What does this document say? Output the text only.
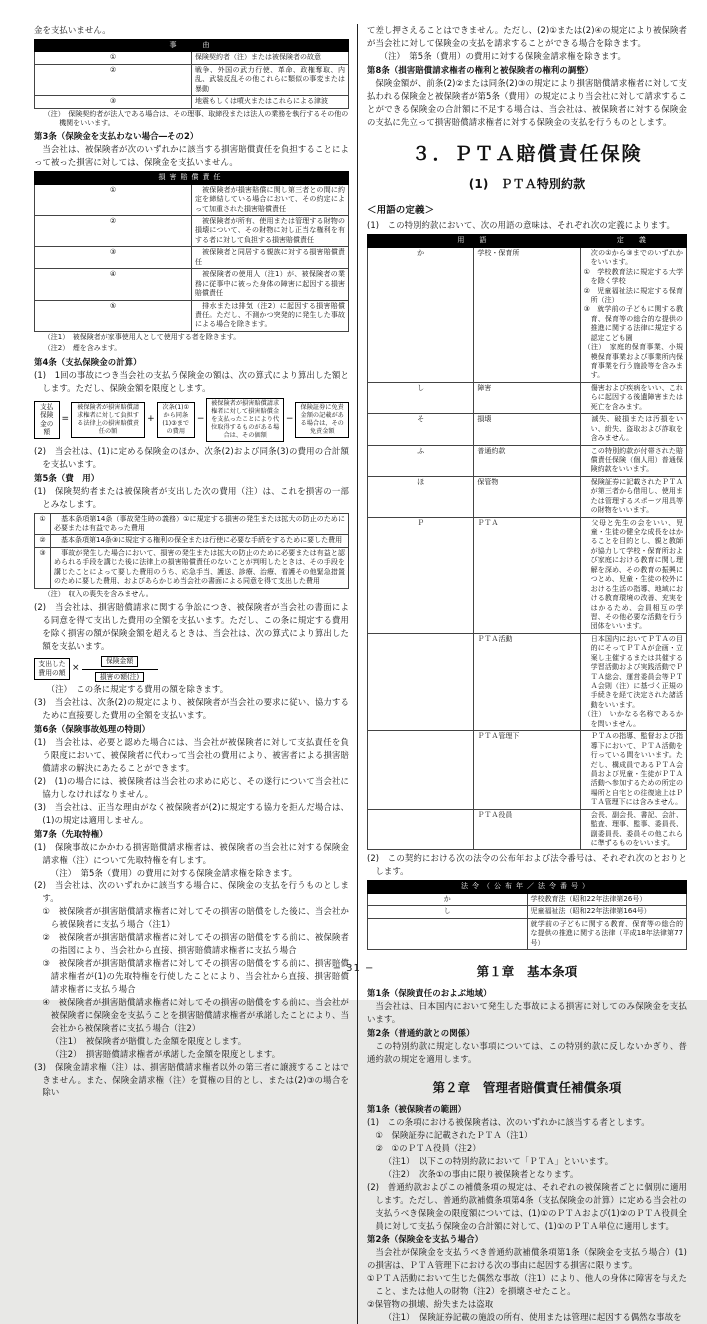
金を支払いません。
事　　由	
①	保険契約者（注）または被保険者の故意
②	戦争、外国の武力行使、革命、政権奪取、内乱、武装反乱その他これらに類似の事変または暴動
③	地震もしくは噴火またはこれらによる津波
（注）　保険契約者が法人である場合は、その理事、取締役または法人の業務を執行するその他の機関をいいます。
第3条（保険金を支払わない場合―その2）
当会社は、被保険者が次のいずれかに該当する損害賠償責任を負担することによって被った損害に対しては、保険金を支払いません。
損害賠償責任	
①	　被保険者が損害賠償に関し第三者との間に約定を締結している場合において、その約定によって加重された損害賠償責任
②	　被保険者が所有、使用または管理する財物の損壊について、その財物に対し正当な権利を有する者に対して負担する損害賠償責任
③	　被保険者と同居する親族に対する損害賠償責任
④	　被保険者の使用人（注1）が、被保険者の業務に従事中に被った身体の障害に起因する損害賠償責任
⑤	　排水または排気（注2）に起因する損害賠償責任。ただし、不測かつ突発的に発生した事故による場合を除きます。
（注1）　被保険者が家事使用人として使用する者を除きます。
（注2）　煙を含みます。
第4条（支払保険金の計算）
(1)　1回の事故につき当会社の支払う保険金の額は、次の算式により算出した額とします。ただし、保険金額を限度とします。
支払保険金の額
=
被保険者が損害賠償請求権者に対して負担する法律上の損害賠償責任の額
+
次条(1)①から同条(1)③までの費用
−
被保険者が損害賠償請求権者に対して損害賠償金を支払ったことにより代位取得するものがある場合は、その価額
−
保険証券に免責金額の記載がある場合は、その免責金額
(2)　当会社は、(1)に定める保険金のほか、次条(2)および同条(3)の費用の合計額を支払います。
第5条（費　用）
(1)　保険契約者または被保険者が支出した次の費用（注）は、これを損害の一部とみなします。
①	　基本条項第14条（事故発生時の義務）①に規定する損害の発生または拡大の防止のために必要または有益であった費用
②	　基本条項第14条③に規定する権利の保全または行使に必要な手続をするために要した費用
③	　事故が発生した場合において、損害の発生または拡大の防止のために必要または有益と認められる手段を講じた後に法律上の損害賠償責任のないことが判明したときは、その手段を講じたことによって要した費用のうち、応急手当、護送、診療、治療、看護その他緊急措置のために要した費用、およびあらかじめ当会社の書面による同意を得て支出した費用
（注）　収入の喪失を含みません。
(2)　当会社は、損害賠償請求に関する争訟につき、被保険者が当会社の書面による同意を得て支出した費用の全額を支払います。ただし、この条に規定する費用を除く損害の額が保険金額を超えるときは、当会社は、次の算式により算出した額を支払います。
支出した費用の額 × $\frac{\text{保険金額}}{\text{損害の額(注)}}$
（注）　この条に規定する費用の額を除きます。
(3)　当会社は、次条(2)の規定により、被保険者が当会社の要求に従い、協力するために直接要した費用の全額を支払います。
第6条（保険事故処理の特則）
(1)　当会社は、必要と認めた場合には、当会社が被保険者に対して支払責任を負う限度において、被保険者に代わって当会社の費用により、被害者による損害賠償請求の解決にあたることができます。
(2)　(1)の場合には、被保険者は当会社の求めに応じ、その遂行について当会社に協力しなければなりません。
(3)　当会社は、正当な理由がなく被保険者が(2)に規定する協力を拒んだ場合は、(1)の規定は適用しません。
第7条（先取特権）
(1)　保険事故にかかわる損害賠償請求権者は、被保険者の当会社に対する保険金請求権（注）について先取特権を有します。
（注）　第5条（費用）の費用に対する保険金請求権を除きます。
(2)　当会社は、次のいずれかに該当する場合に、保険金の支払を行うものとします。
①　被保険者が損害賠償請求権者に対してその損害の賠償をした後に、当会社から被保険者に支払う場合（注1）
②　被保険者が損害賠償請求権者に対してその損害の賠償をする前に、被保険者の指図により、当会社から直接、損害賠償請求権者に支払う場合
③　被保険者が損害賠償請求権者に対してその損害の賠償をする前に、損害賠償請求権者が(1)の先取特権を行使したことにより、当会社から直接、損害賠償請求権者に支払う場合
④　被保険者が損害賠償請求権者に対してその損害の賠償をする前に、当会社が被保険者に保険金を支払うことを損害賠償請求権者が承諾したことにより、当会社から被保険者に支払う場合（注2）
（注1）　被保険者が賠償した金額を限度とします。
（注2）　損害賠償請求権者が承諾した金額を限度とします。
(3)　保険金請求権（注）は、損害賠償請求権者以外の第三者に譲渡することはできません。また、保険金請求権（注）を質権の目的とし、または(2)③の場合を除い
て差し押さえることはできません。ただし、(2)①または(2)④の規定により被保険者が当会社に対して保険金の支払を請求することができる場合を除きます。
（注）　第5条（費用）の費用に対する保険金請求権を除きます。
第8条（損害賠償請求権者の権利と被保険者の権利の調整）
保険金額が、前条(2)②または同条(2)③の規定により損害賠償請求権者に対して支払われる保険金と被保険者が第5条（費用）の規定により当会社に対して請求することができる保険金の合計額に不足する場合は、当会社は、被保険者に対する保険金の支払に先立って損害賠償請求権者に対する保険金の支払を行うものとします。
３．ＰＴＡ賠償責任保険
(1)　ＰＴＡ特別約款
＜用語の定義＞
(1)　この特別約款において、次の用語の意味は、それぞれ次の定義によります。
用　語		定　義
か	学校・保育所	　次の①から③までのいずれかをいいます。
①　学校教育法に規定する大学を除く学校
②　児童福祉法に規定する保育所（注）
③　就学前の子どもに関する教育、保育等の総合的な提供の推進に関する法律に規定する認定こども園
（注）　家庭的保育事業、小規模保育事業および事業所内保育事業を行う施設等を含みます。

し	障害	　傷害および疾病をいい、これらに起因する後遺障害または死亡を含みます。

そ	損壊	　滅失、破損または汚損をいい、紛失、盗取および詐取を含みません。

ふ	普通約款	　この特別約款が付帯された賠償責任保険（個人用）普通保険約款をいいます。

ほ	保管物	　保険証券に記載されたＰＴＡが第三者から借用し、使用または管理するスポーツ用具等の財物をいいます。

Ｐ	ＰＴＡ	　父母と先生の会をいい、児童・生徒の健全な成長をはかることを目的とし、親と教師が協力して学校・保育所および家庭における教育に関し理解を深め、その教育の振興につとめ、児童・生徒の校外における生活の指導、地域における教育環境の改善、充実をはかるため、会員相互の学習、その他必要な活動を行う団体をいいます。

	ＰＴＡ活動	　日本国内においてＰＴＡの目的にそってＰＴＡが企画・立案し主催するまたは共催する学習活動および実践活動でＰＴＡ総会、運営委員会等ＰＴＡ会則（注）に基づく正規の手続きを経て決定された諸活動をいいます。
（注）　いかなる名称であるかを問いません。

	ＰＴＡ管理下	　ＰＴＡの指導、監督および指導下において、ＰＴＡ活動を行っている間をいいます。ただし、構成員であるＰＴＡ会員および児童・生徒がＰＴＡ活動へ参加するための所定の場所と自宅との往復途上はＰＴＡ管理下には含みません。

	ＰＴＡ役員	　会長、副会長、書記、会計、監査、理事、監事、委員長、副委員長、委員その他これらに準ずるものをいいます。
(2)　この契約における次の法令の公布年および法令番号は、それぞれ次のとおりとします。
法令（公布年／法令番号）	
か	学校教育法（昭和22年法律第26号）
し	児童福祉法（昭和22年法律第164号）
	就学前の子どもに関する教育、保育等の総合的な提供の推進に関する法律（平成18年法律第77号）
第１章　基本条項
第1条（保険責任のおよぶ地域）
当会社は、日本国内において発生した事故による損害に対してのみ保険金を支払います。
第2条（普通約款との関係）
この特別約款に規定しない事項については、この特別約款に反しないかぎり、普通約款の規定を適用します。
第２章　管理者賠償責任補償条項
第1条（被保険者の範囲）
(1)　この条項における被保険者は、次のいずれかに該当する者とします。
①　保険証券に記載されたＰＴＡ（注1）
②　①のＰＴＡ役員（注2）
（注1）　以下この特別約款において「ＰＴＡ」といいます。
（注2）　次条①の事由に限り被保険者となります。
(2)　普通約款およびこの補償条項の規定は、それぞれの被保険者ごとに個別に適用します。ただし、普通約款補償条項第4条（支払保険金の計算）に定める当会社の支払うべき保険金の限度額については、(1)①のＰＴＡおよび(1)②のＰＴＡ役員全員に対して支払う保険金の合計額に対して、(1)①のＰＴＡ単位に適用します。
第2条（保険金を支払う場合）
当会社が保険金を支払うべき普通約款補償条項第1条（保険金を支払う場合）(1)の損害は、ＰＴＡ管理下における次の事由に起因する損害に限ります。
①ＰＴＡ活動において生じた偶然な事故（注1）により、他人の身体に障害を与えたこと、または他人の財物（注2）を損壊させたこと。
②保管物の損壊、紛失または盗取
（注1）　保険証券記載の施設の所有、使用または管理に起因する偶然な事故を
− 31 −
